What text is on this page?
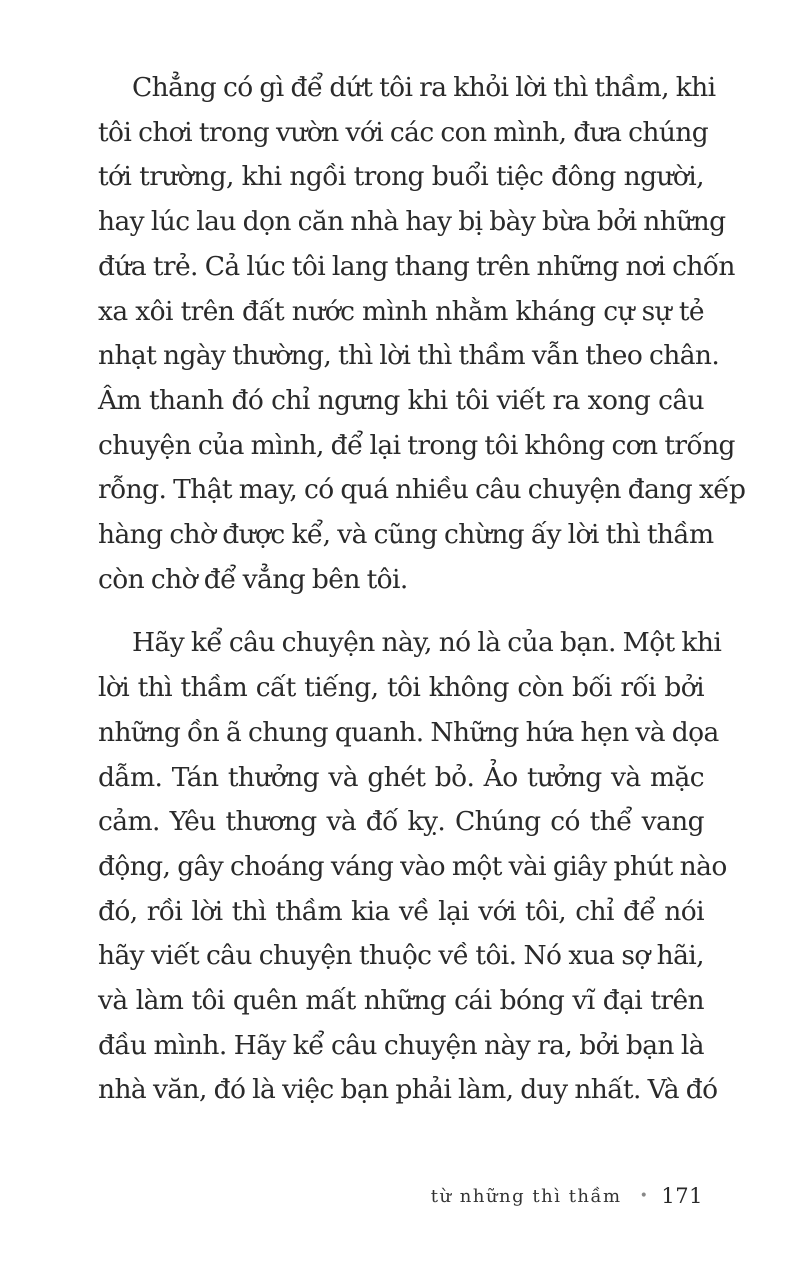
Chẳng có gì để dứt tôi ra khỏi lời thì thầm, khi
tôi chơi trong vườn với các con mình, đưa chúng
tới trường, khi ngồi trong buổi tiệc đông người,
hay lúc lau dọn căn nhà hay bị bày bừa bởi những
đứa trẻ. Cả lúc tôi lang thang trên những nơi chốn
xa xôi trên đất nước mình nhằm kháng cự sự tẻ
nhạt ngày thường, thì lời thì thầm vẫn theo chân.
Âm thanh đó chỉ ngưng khi tôi viết ra xong câu
chuyện của mình, để lại trong tôi không cơn trống
rỗng. Thật may, có quá nhiều câu chuyện đang xếp
hàng chờ được kể, và cũng chừng ấy lời thì thầm
còn chờ để vẳng bên tôi.

Hãy kể câu chuyện này, nó là của bạn. Một khi
lời thì thầm cất tiếng, tôi không còn bối rối bởi
những ồn ã chung quanh. Những hứa hẹn và dọa
dẫm. Tán thưởng và ghét bỏ. Ảo tưởng và mặc
cảm. Yêu thương và đố kỵ. Chúng có thể vang
động, gây choáng váng vào một vài giây phút nào
đó, rồi lời thì thầm kia về lại với tôi, chỉ để nói
hãy viết câu chuyện thuộc về tôi. Nó xua sợ hãi,
và làm tôi quên mất những cái bóng vĩ đại trên
đầu mình. Hãy kể câu chuyện này ra, bởi bạn là
nhà văn, đó là việc bạn phải làm, duy nhất. Và đó

từ những thì thầm • 171
